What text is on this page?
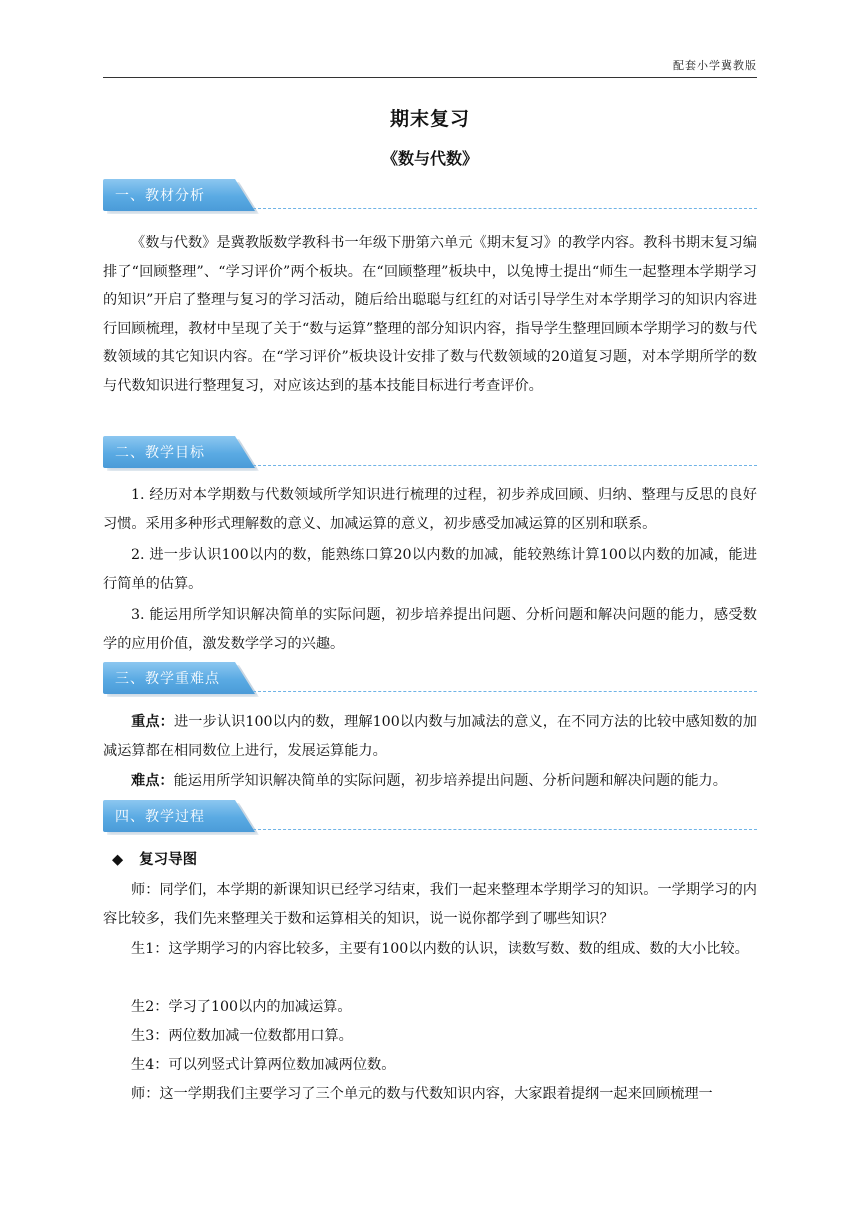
配套小学冀教版
期末复习
《数与代数》
一、教材分析
《数与代数》是冀教版数学教科书一年级下册第六单元《期末复习》的教学内容。教科书期末复习编排了“回顾整理”、“学习评价”两个板块。在“回顾整理”板块中，以兔博士提出“师生一起整理本学期学习的知识”开启了整理与复习的学习活动，随后给出聪聪与红红的对话引导学生对本学期学习的知识内容进行回顾梳理，教材中呈现了关于“数与运算”整理的部分知识内容，指导学生整理回顾本学期学习的数与代数领域的其它知识内容。在“学习评价”板块设计安排了数与代数领域的20道复习题，对本学期所学的数与代数知识进行整理复习，对应该达到的基本技能目标进行考查评价。
二、教学目标
1. 经历对本学期数与代数领域所学知识进行梳理的过程，初步养成回顾、归纳、整理与反思的良好习惯。采用多种形式理解数的意义、加减运算的意义，初步感受加减运算的区别和联系。
2. 进一步认识100以内的数，能熟练口算20以内数的加减，能较熟练计算100以内数的加减，能进行简单的估算。
3. 能运用所学知识解决简单的实际问题，初步培养提出问题、分析问题和解决问题的能力，感受数学的应用价值，激发数学学习的兴趣。
三、教学重难点
重点：进一步认识100以内的数，理解100以内数与加减法的意义，在不同方法的比较中感知数的加减运算都在相同数位上进行，发展运算能力。
难点：能运用所学知识解决简单的实际问题，初步培养提出问题、分析问题和解决问题的能力。
四、教学过程
◆ 复习导图
师：同学们，本学期的新课知识已经学习结束，我们一起来整理本学期学习的知识。一学期学习的内容比较多，我们先来整理关于数和运算相关的知识，说一说你都学到了哪些知识？
生1：这学期学习的内容比较多，主要有100以内数的认识，读数写数、数的组成、数的大小比较。
生2：学习了100以内的加减运算。
生3：两位数加减一位数都用口算。
生4：可以列竖式计算两位数加减两位数。
师：这一学期我们主要学习了三个单元的数与代数知识内容，大家跟着提纲一起来回顾梳理一
